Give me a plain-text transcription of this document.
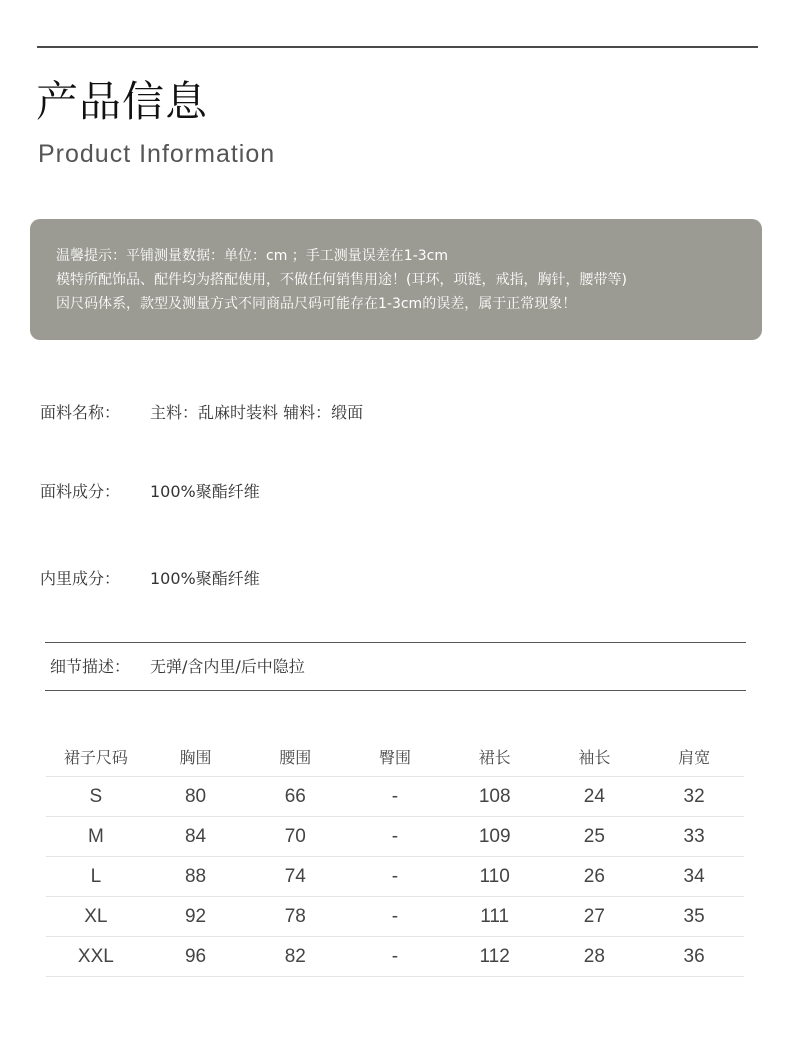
产品信息
Product Information
温馨提示：平铺测量数据：单位：cm ；手工测量误差在1-3cm
模特所配饰品、配件均为搭配使用，不做任何销售用途！(耳环，项链，戒指，胸针，腰带等)
因尺码体系，款型及测量方式不同商品尺码可能存在1-3cm的误差，属于正常现象！
面料名称： 主料：乱麻时装料 辅料：缎面
面料成分： 100%聚酯纤维
内里成分： 100%聚酯纤维
细节描述： 无弹/含内里/后中隐拉
裙子尺码	胸围	腰围	臀围	裙长	袖长	肩宽
S	80	66	-	108	24	32
M	84	70	-	109	25	33
L	88	74	-	110	26	34
XL	92	78	-	111	27	35
XXL	96	82	-	112	28	36
